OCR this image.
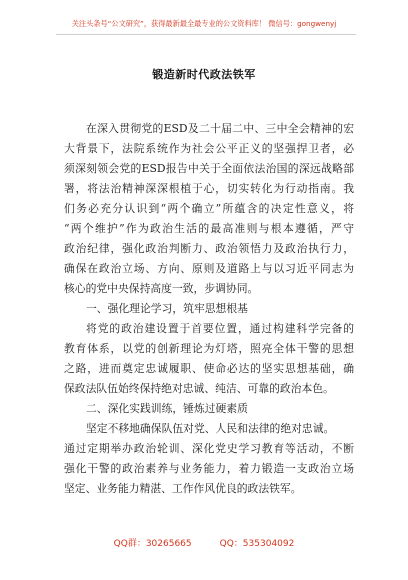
关注头条号“公文研究”，获得最新最全最专业的公文资料库！ 微信号：gongwenyj
锻造新时代政法铁军
在深入贯彻党的ESD及二十届二中、三中全会精神的宏
大背景下，法院系统作为社会公平正义的坚强捍卫者，必
须深刻领会党的ESD报告中关于全面依法治国的深远战略部
署，将法治精神深深根植于心，切实转化为行动指南。我
们务必充分认识到“两个确立”所蕴含的决定性意义，将
“两个维护”作为政治生活的最高准则与根本遵循，严守
政治纪律，强化政治判断力、政治领悟力及政治执行力，
确保在政治立场、方向、原则及道路上与以习近平同志为
核心的党中央保持高度一致，步调协同。
一、强化理论学习，筑牢思想根基
将党的政治建设置于首要位置，通过构建科学完备的
教育体系，以党的创新理论为灯塔，照亮全体干警的思想
之路，进而奠定忠诚履职、使命必达的坚实思想基础，确
保政法队伍始终保持绝对忠诚、纯洁、可靠的政治本色。
二、深化实践训练，锤炼过硬素质
坚定不移地确保队伍对党、人民和法律的绝对忠诚。
通过定期举办政治轮训、深化党史学习教育等活动，不断
强化干警的政治素养与业务能力，着力锻造一支政治立场
坚定、业务能力精湛、工作作风优良的政法铁军。
QQ群：30265665	QQ：535304092
